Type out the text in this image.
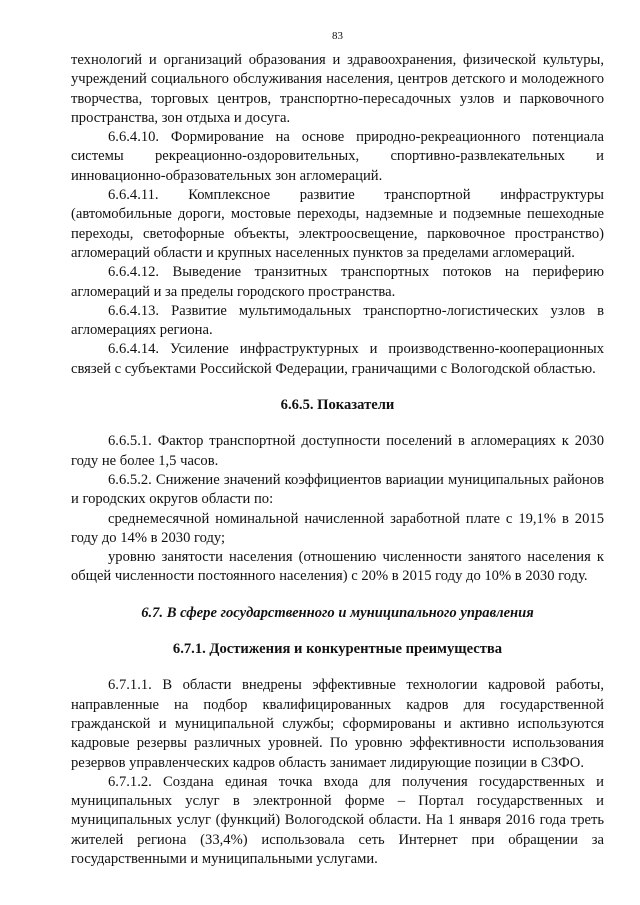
83

технологий и организаций образования и здравоохранения, физической культуры, учреждений социального обслуживания населения, центров детского и молодежного творчества, торговых центров, транспортно-пересадочных узлов и парковочного пространства, зон отдыха и досуга.

6.6.4.10. Формирование на основе природно-рекреационного потенциала системы рекреационно-оздоровительных, спортивно-развлекательных и инновационно-образовательных зон агломераций.

6.6.4.11. Комплексное развитие транспортной инфраструктуры (автомобильные дороги, мостовые переходы, надземные и подземные пешеходные переходы, светофорные объекты, электроосвещение, парковочное пространство) агломераций области и крупных населенных пунктов за пределами агломераций.

6.6.4.12. Выведение транзитных транспортных потоков на периферию агломераций и за пределы городского пространства.

6.6.4.13. Развитие мультимодальных транспортно-логистических узлов в агломерациях региона.

6.6.4.14. Усиление инфраструктурных и производственно-кооперационных связей с субъектами Российской Федерации, граничащими с Вологодской областью.

6.6.5. Показатели

6.6.5.1. Фактор транспортной доступности поселений в агломерациях к 2030 году не более 1,5 часов.

6.6.5.2. Снижение значений коэффициентов вариации муниципальных районов и городских округов области по:

среднемесячной номинальной начисленной заработной плате с 19,1% в 2015 году до 14% в 2030 году;

уровню занятости населения (отношению численности занятого населения к общей численности постоянного населения) с 20% в 2015 году до 10% в 2030 году.

6.7. В сфере государственного и муниципального управления

6.7.1. Достижения и конкурентные преимущества

6.7.1.1. В области внедрены эффективные технологии кадровой работы, направленные на подбор квалифицированных кадров для государственной гражданской и муниципальной службы; сформированы и активно используются кадровые резервы различных уровней. По уровню эффективности использования резервов управленческих кадров область занимает лидирующие позиции в СЗФО.

6.7.1.2. Создана единая точка входа для получения государственных и муниципальных услуг в электронной форме – Портал государственных и муниципальных услуг (функций) Вологодской области. На 1 января 2016 года треть жителей региона (33,4%) использовала сеть Интернет при обращении за государственными и муниципальными услугами.
